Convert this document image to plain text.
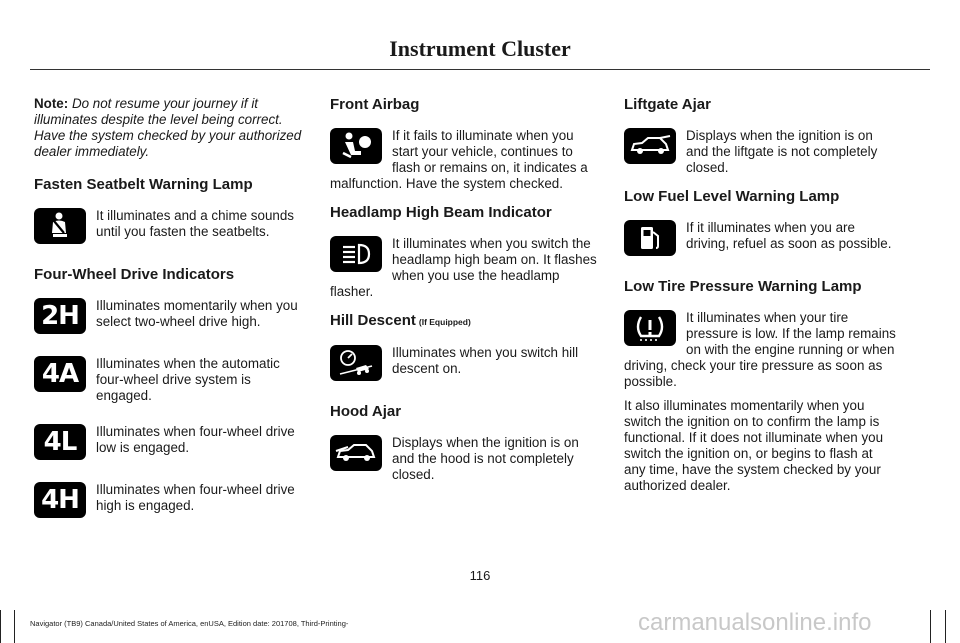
Instrument Cluster

Note: Do not resume your journey if it illuminates despite the level being correct. Have the system checked by your authorized dealer immediately.

Fasten Seatbelt Warning Lamp

It illuminates and a chime sounds until you fasten the seatbelts.

Four-Wheel Drive Indicators
2H	Illuminates momentarily when you select two-wheel drive high.

4A	Illuminates when the automatic four-wheel drive system is engaged.

4L	Illuminates when four-wheel drive low is engaged.

4H	Illuminates when four-wheel drive high is engaged.

Front Airbag

If it fails to illuminate when you start your vehicle, continues to flash or remains on, it indicates a malfunction. Have the system checked.

Headlamp High Beam Indicator

It illuminates when you switch the headlamp high beam on. It flashes when you use the headlamp flasher.

Hill Descent (If Equipped)

Illuminates when you switch hill descent on.

Hood Ajar

Displays when the ignition is on and the hood is not completely closed.

Liftgate Ajar

Displays when the ignition is on and the liftgate is not completely closed.

Low Fuel Level Warning Lamp

If it illuminates when you are driving, refuel as soon as possible.

Low Tire Pressure Warning Lamp

It illuminates when your tire pressure is low. If the lamp remains on with the engine running or when driving, check your tire pressure as soon as possible.

It also illuminates momentarily when you switch the ignition on to confirm the lamp is functional. If it does not illuminate when you switch the ignition on, or begins to flash at any time, have the system checked by your authorized dealer.

116
Navigator (TB9) Canada/United States of America, enUSA, Edition date: 201708, Third-Printing-	carmanualsonline.info
